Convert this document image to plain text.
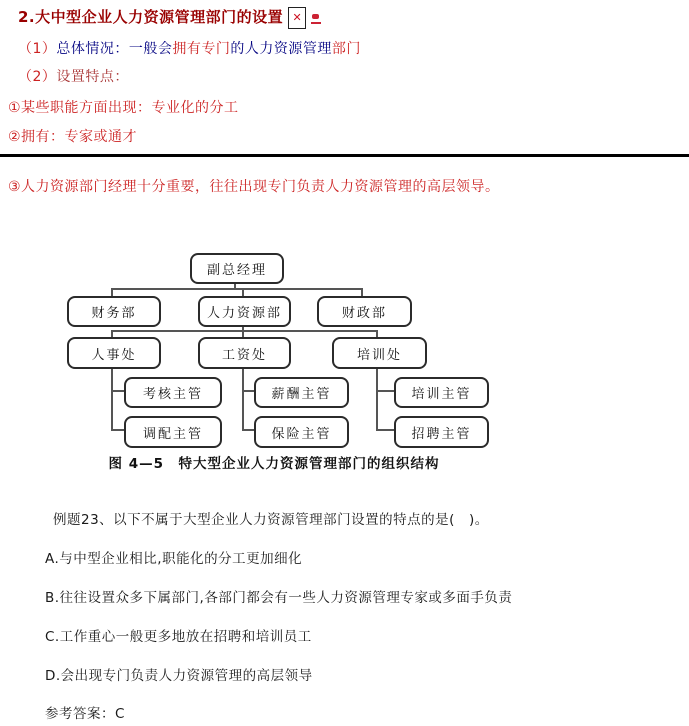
2.大中型企业人力资源管理部门的设置 ✕
（1）总体情况：一般会拥有专门的人力资源管理部门
（2）设置特点：
①某些职能方面出现：专业化的分工
②拥有：专家或通才
③人力资源部门经理十分重要，往往出现专门负责人力资源管理的高层领导。
副总经理
财务部	人力资源部	财政部
人事处	工资处	培训处
考核主管
调配主管
薪酬主管
保险主管
培训主管
招聘主管
图 4—5　特大型企业人力资源管理部门的组织结构
例题23、以下不属于大型企业人力资源管理部门设置的特点的是(　)。
A.与中型企业相比,职能化的分工更加细化
B.往往设置众多下属部门,各部门都会有一些人力资源管理专家或多面手负责
C.工作重心一般更多地放在招聘和培训员工
D.会出现专门负责人力资源管理的高层领导
参考答案：C
